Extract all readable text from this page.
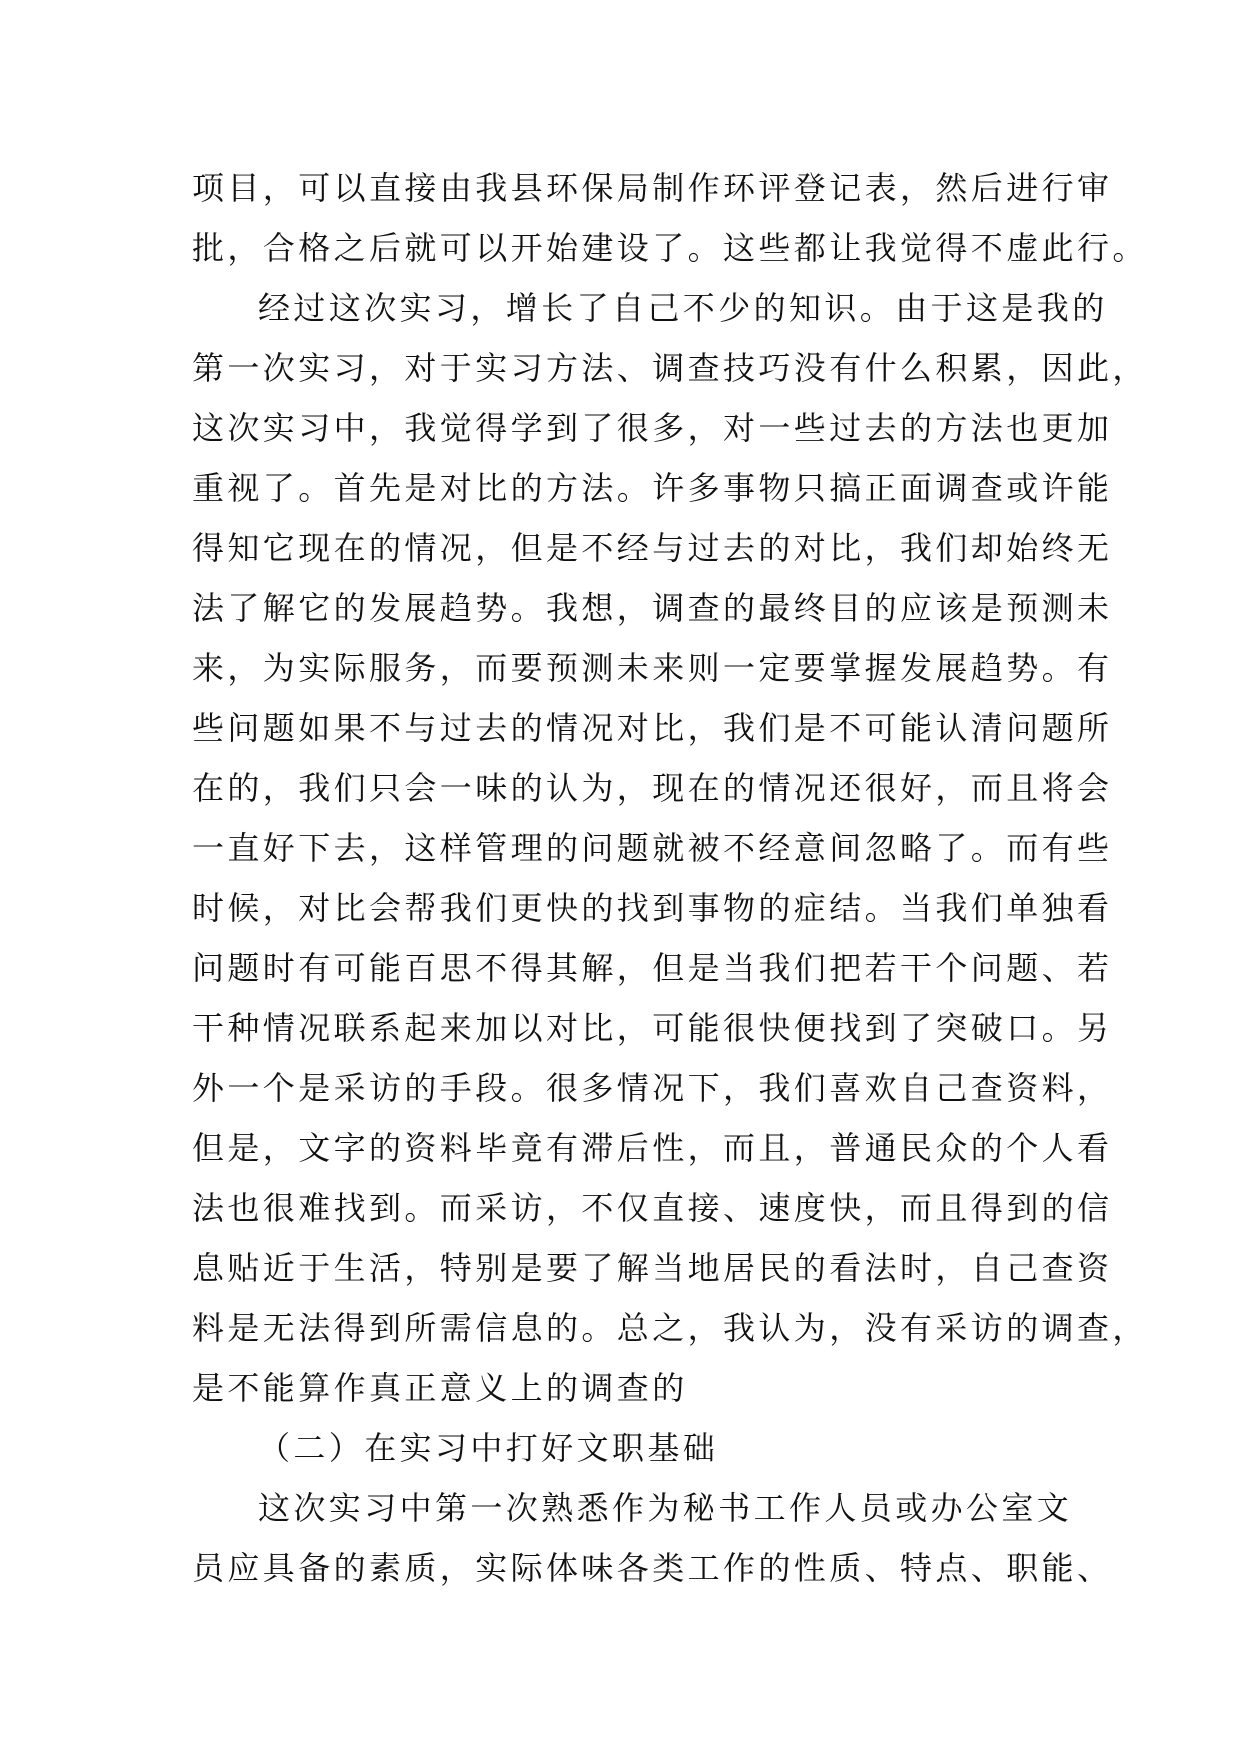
项目，可以直接由我县环保局制作环评登记表，然后进行审
批，合格之后就可以开始建设了。这些都让我觉得不虚此行。
经过这次实习，增长了自己不少的知识。由于这是我的
第一次实习，对于实习方法、调查技巧没有什么积累，因此，
这次实习中，我觉得学到了很多，对一些过去的方法也更加
重视了。首先是对比的方法。许多事物只搞正面调查或许能
得知它现在的情况，但是不经与过去的对比，我们却始终无
法了解它的发展趋势。我想，调查的最终目的应该是预测未
来，为实际服务，而要预测未来则一定要掌握发展趋势。有
些问题如果不与过去的情况对比，我们是不可能认清问题所
在的，我们只会一味的认为，现在的情况还很好，而且将会
一直好下去，这样管理的问题就被不经意间忽略了。而有些
时候，对比会帮我们更快的找到事物的症结。当我们单独看
问题时有可能百思不得其解，但是当我们把若干个问题、若
干种情况联系起来加以对比，可能很快便找到了突破口。另
外一个是采访的手段。很多情况下，我们喜欢自己查资料，
但是，文字的资料毕竟有滞后性，而且，普通民众的个人看
法也很难找到。而采访，不仅直接、速度快，而且得到的信
息贴近于生活，特别是要了解当地居民的看法时，自己查资
料是无法得到所需信息的。总之，我认为，没有采访的调查，
是不能算作真正意义上的调查的
（二）在实习中打好文职基础
这次实习中第一次熟悉作为秘书工作人员或办公室文
员应具备的素质，实际体味各类工作的性质、特点、职能、
